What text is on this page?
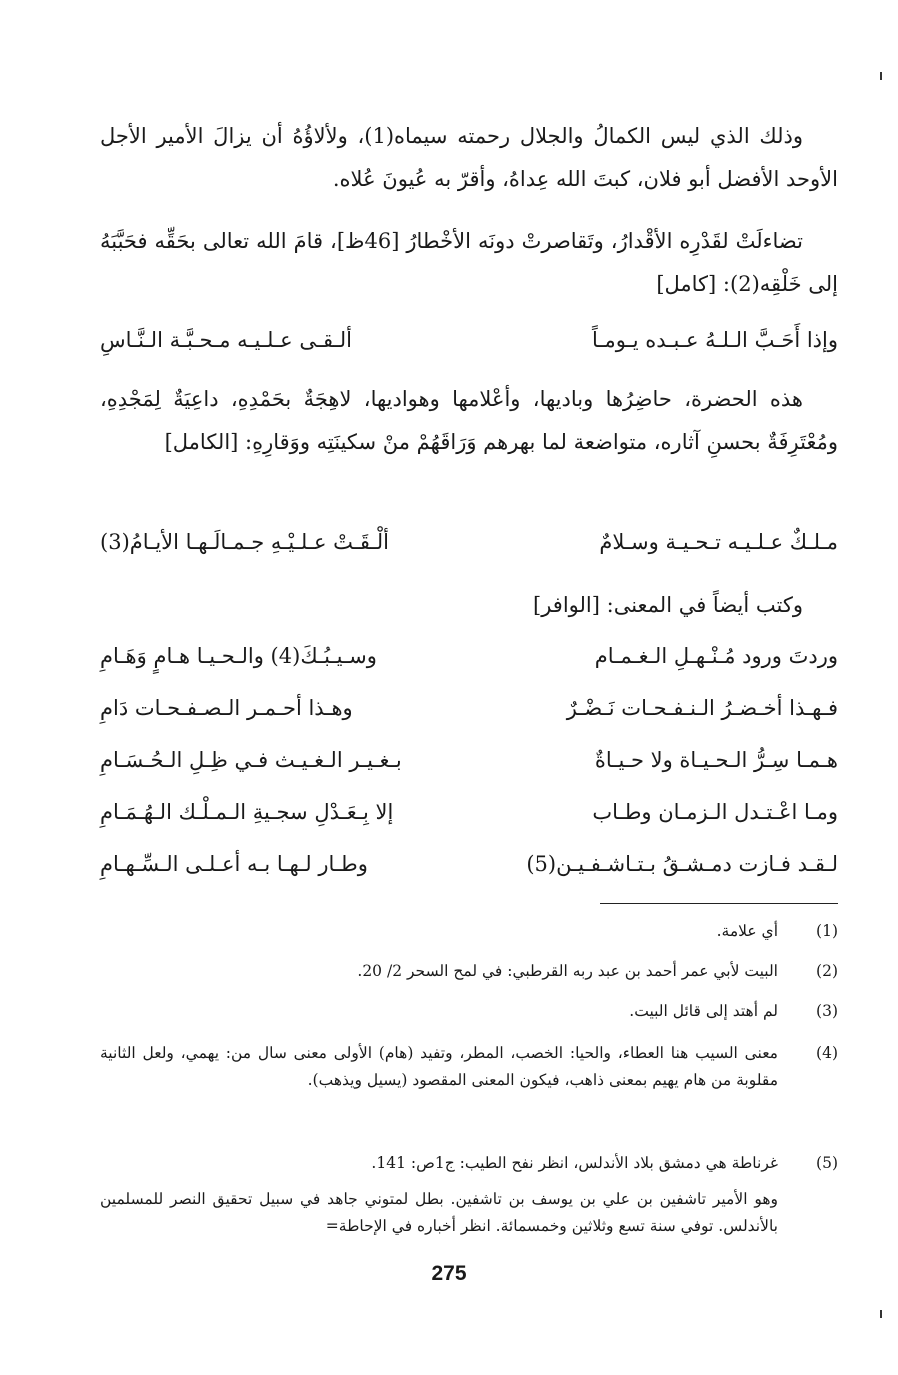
وذلك الذي ليس الكمالُ والجلال رحمته سيماه(1)، ولألاؤُهُ أن يزالَ الأمير الأجل الأوحد الأفضل أبو فلان، كبتَ الله عِداهُ، وأقرّ به عُيونَ عُلاه.
تضاءلَتْ لقَدْرِه الأقْدارُ، وتَقاصرتْ دونَه الأخْطارُ [46ظ]، قامَ الله تعالى بحَقِّه فحَبَّبَهُ إلى خَلْقِه(2): [كامل]
وإذا أَحَـبَّ الـلـهُ عـبـده يـومـاً
ألـقـى عـلـيـه مـحـبَّـة الـنَّـاسِ
هذه الحضرة، حاضِرُها وباديها، وأعْلامها وهواديها، لاهِجَةٌ بحَمْدِهِ، داعِيَةٌ لِمَجْدِهِ، ومُعْتَرِفَةٌ بحسنِ آثاره، متواضعة لما بهرهم وَرَاقَهُمْ منْ سكينَتِه ووَقارِهِ: [الكامل]
مـلـكٌ عـلـيـه تـحـيـة وسـلامٌ
ألْـقَـتْ عـلـيْـهِ جـمـالَـهـا الأيـامُ(3)
وكتب أيضاً في المعنى: [الوافر]
وردتَ ورود مُـنْـهـلِ الـغـمـام
وسـيـبُـكَ(4) والـحـيـا هـامٍ وَهَـامِ
فـهـذا أخـضـرُ الـنـفـحـات نَـضْـرٌ
وهـذا أحـمـر الـصـفـحـات دَامِ
هـمـا سِـرُّ الـحـيـاة ولا حـيـاةٌ
بـغـيـر الـغـيـث فـي ظِـلِ الـحُـسَـامِ
ومـا اعْـتـدل الـزمـان وطـاب
إلا بِـعَـدْلِ سجـيةِ الـمـلْـك الـهُـمَـامِ
لـقـد فـازت دمـشـقُ بـتـاشـفـيـن(5)
وطـار لـهـا بـه أعـلـى الـسِّـهـامِ
(1)
أي علامة.
(2)
البيت لأبي عمر أحمد بن عبد ربه القرطبي: في لمح السحر 2/ 20.
(3)
لم أهتد إلى قائل البيت.
(4)
معنى السيب هنا العطاء، والحيا: الخصب، المطر، وتفيد (هام) الأولى معنى سال من: يهمي، ولعل الثانية مقلوبة من هام يهيم بمعنى ذاهب، فيكون المعنى المقصود (يسيل ويذهب).
(5)
غرناطة هي دمشق بلاد الأندلس، انظر نفح الطيب: ج1ص: 141.
وهو الأمير تاشفين بن علي بن يوسف بن تاشفين. بطل لمتوني جاهد في سبيل تحقيق النصر للمسلمين بالأندلس. توفي سنة تسع وثلاثين وخمسمائة. انظر أخباره في الإحاطة=
275
